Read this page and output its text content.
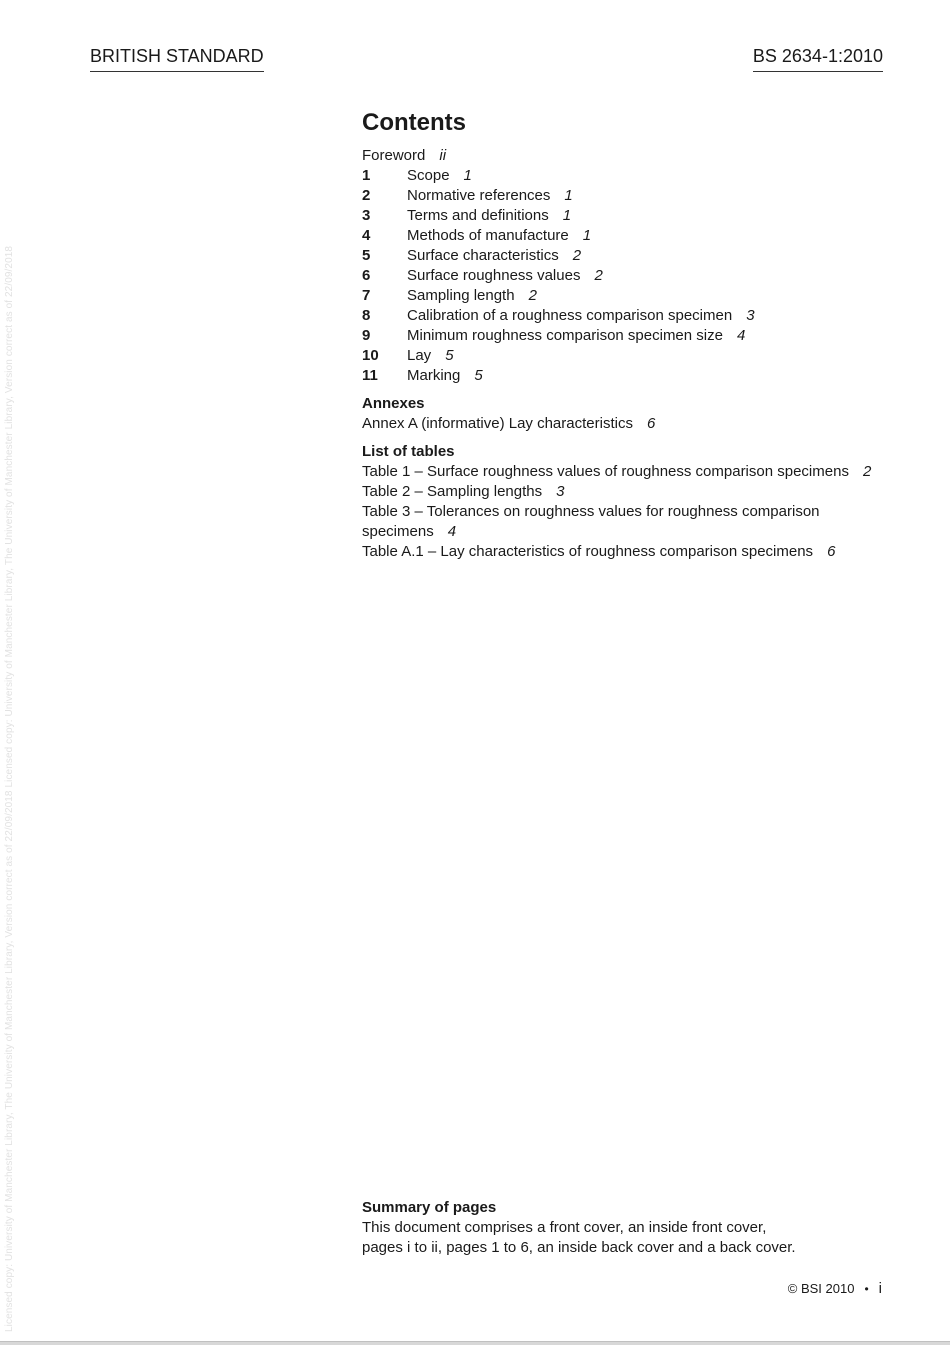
Licensed copy: University of Manchester Library, The University of Manchester Library, Version correct as of 22/09/2018 Licensed copy: University of Manchester Library, The University of Manchester Library, Version correct as of 22/09/2018
BRITISH STANDARD	BS 2634-1:2010
Contents
Foreword ii
1 Scope 1
2 Normative references 1
3 Terms and definitions 1
4 Methods of manufacture 1
5 Surface characteristics 2
6 Surface roughness values 2
7 Sampling length 2
8 Calibration of a roughness comparison specimen 3
9 Minimum roughness comparison specimen size 4
10 Lay 5
11 Marking 5
Annexes
Annex A (informative) Lay characteristics 6
List of tables
Table 1 – Surface roughness values of roughness comparison specimens 2
Table 2 – Sampling lengths 3
Table 3 – Tolerances on roughness values for roughness comparison specimens 4
Table A.1 – Lay characteristics of roughness comparison specimens 6
Summary of pages
This document comprises a front cover, an inside front cover,
pages i to ii, pages 1 to 6, an inside back cover and a back cover.
© BSI 2010 • i
